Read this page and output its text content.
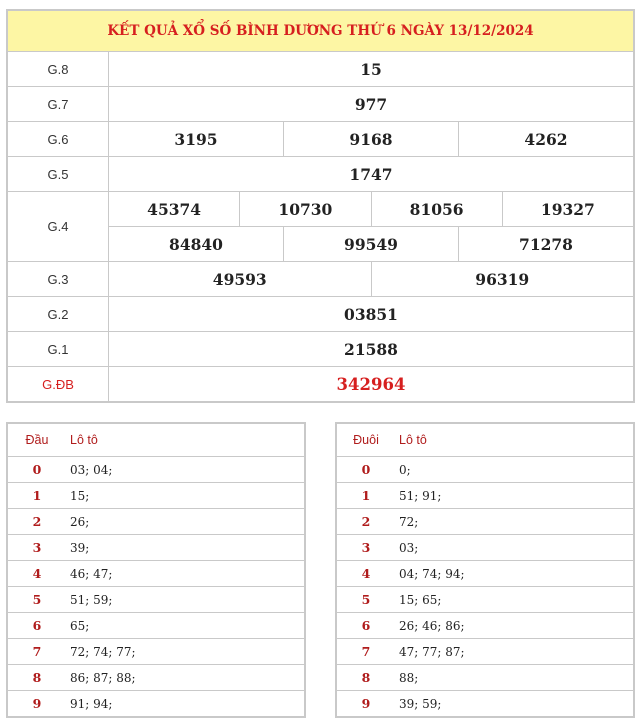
KẾT QUẢ XỔ SỐ BÌNH DƯƠNG THỨ 6 NGÀY 13/12/2024
G.8	15
G.7	977
G.6	3195	9168	4262
G.5	1747
G.4
45374	10730	81056	19327
84840	99549	71278
G.3	49593	96319
G.2	03851
G.1	21588
G.ĐB	342964
Đầu	Lô tô
0	03; 04;
1	15;
2	26;
3	39;
4	46; 47;
5	51; 59;
6	65;
7	72; 74; 77;
8	86; 87; 88;
9	91; 94;
Đuôi	Lô tô
0	0;
1	51; 91;
2	72;
3	03;
4	04; 74; 94;
5	15; 65;
6	26; 46; 86;
7	47; 77; 87;
8	88;
9	39; 59;
